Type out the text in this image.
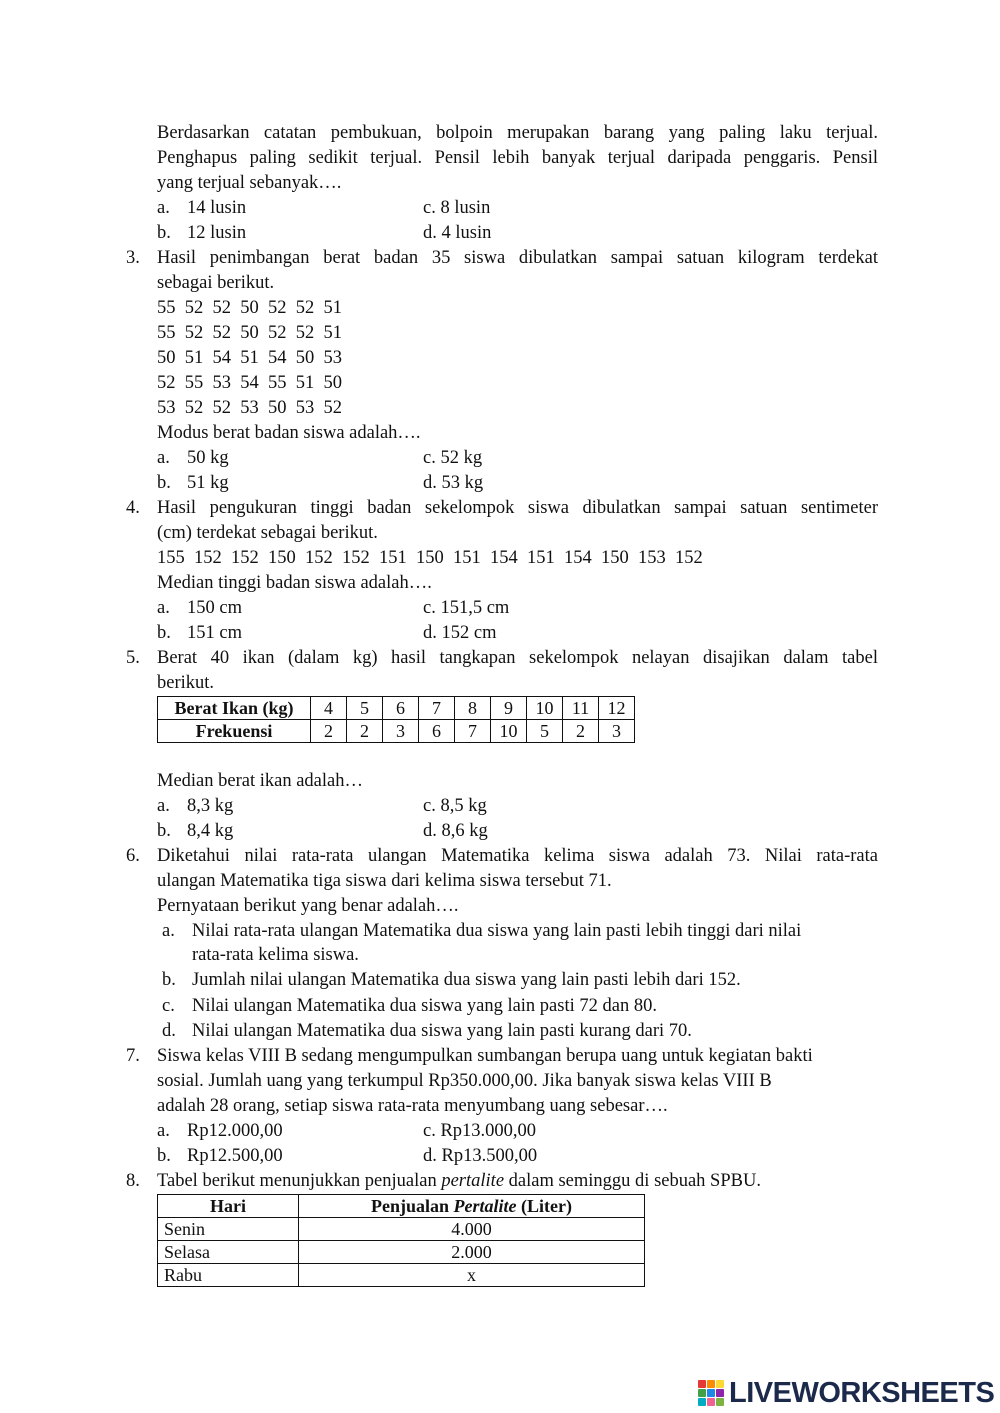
Berdasarkan catatan pembukuan, bolpoin merupakan barang yang paling laku terjual.
Penghapus paling sedikit terjual. Pensil lebih banyak terjual daripada penggaris. Pensil
yang terjual sebanyak….
a. 14 lusin	c. 8 lusin
b. 12 lusin	d. 4 lusin
3. Hasil penimbangan berat badan 35 siswa dibulatkan sampai satuan kilogram terdekat
sebagai berikut.
55  52  52  50  52  52  51
55  52  52  50  52  52  51
50  51  54  51  54  50  53
52  55  53  54  55  51  50
53  52  52  53  50  53  52
Modus berat badan siswa adalah….
a. 50 kg	c. 52 kg
b. 51 kg	d. 53 kg
4. Hasil pengukuran tinggi badan sekelompok siswa dibulatkan sampai satuan sentimeter
(cm) terdekat sebagai berikut.
155  152  152  150  152  152  151  150  151  154  151  154  150  153  152
Median tinggi badan siswa adalah….
a. 150 cm	c. 151,5 cm
b. 151 cm	d. 152 cm
5. Berat 40 ikan (dalam kg) hasil tangkapan sekelompok nelayan disajikan dalam tabel
berikut.
Berat Ikan (kg)	4	5	6	7	8	9	10	11	12
Frekuensi	2	2	3	6	7	10	5	2	3
Median berat ikan adalah…
a. 8,3 kg	c. 8,5 kg
b. 8,4 kg	d. 8,6 kg
6. Diketahui nilai rata-rata ulangan Matematika kelima siswa adalah 73. Nilai rata-rata
ulangan Matematika tiga siswa dari kelima siswa tersebut 71.
Pernyataan berikut yang benar adalah….
a. Nilai rata-rata ulangan Matematika dua siswa yang lain pasti lebih tinggi dari nilai
rata-rata kelima siswa.
b. Jumlah nilai ulangan Matematika dua siswa yang lain pasti lebih dari 152.
c. Nilai ulangan Matematika dua siswa yang lain pasti 72 dan 80.
d. Nilai ulangan Matematika dua siswa yang lain pasti kurang dari 70.
7. Siswa kelas VIII B sedang mengumpulkan sumbangan berupa uang untuk kegiatan bakti
sosial. Jumlah uang yang terkumpul Rp350.000,00. Jika banyak siswa kelas VIII B
adalah 28 orang, setiap siswa rata-rata menyumbang uang sebesar….
a. Rp12.000,00	c. Rp13.000,00
b. Rp12.500,00	d. Rp13.500,00
8. Tabel berikut menunjukkan penjualan pertalite dalam seminggu di sebuah SPBU.
Hari	Penjualan Pertalite (Liter)
Senin	4.000
Selasa	2.000
Rabu	x
LIVEWORKSHEETS
